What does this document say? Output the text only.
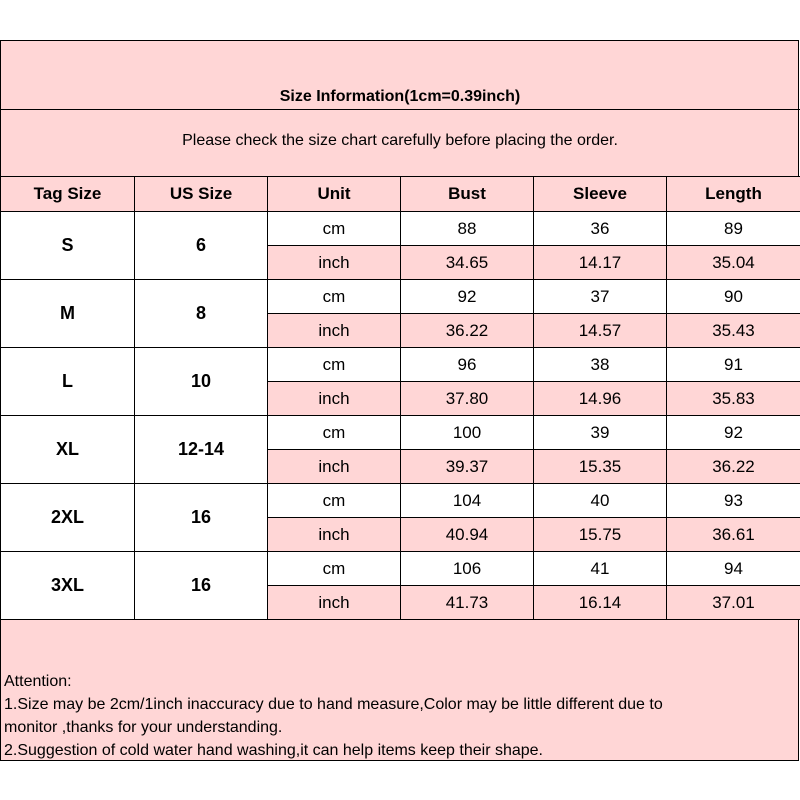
Size Information(1cm=0.39inch)
Please check the size chart carefully before placing the order.
Tag Size	US Size	Unit	Bust	Sleeve	Length
S	6	cm	88	36	89
		inch	34.65	14.17	35.04
M	8	cm	92	37	90
		inch	36.22	14.57	35.43
L	10	cm	96	38	91
		inch	37.80	14.96	35.83
XL	12-14	cm	100	39	92
		inch	39.37	15.35	36.22
2XL	16	cm	104	40	93
		inch	40.94	15.75	36.61
3XL	16	cm	106	41	94
		inch	41.73	16.14	37.01
Attention:
1.Size may be 2cm/1inch inaccuracy due to hand measure,Color may be little different due to
monitor ,thanks for your understanding.
2.Suggestion of cold water hand washing,it can help items keep their shape.
